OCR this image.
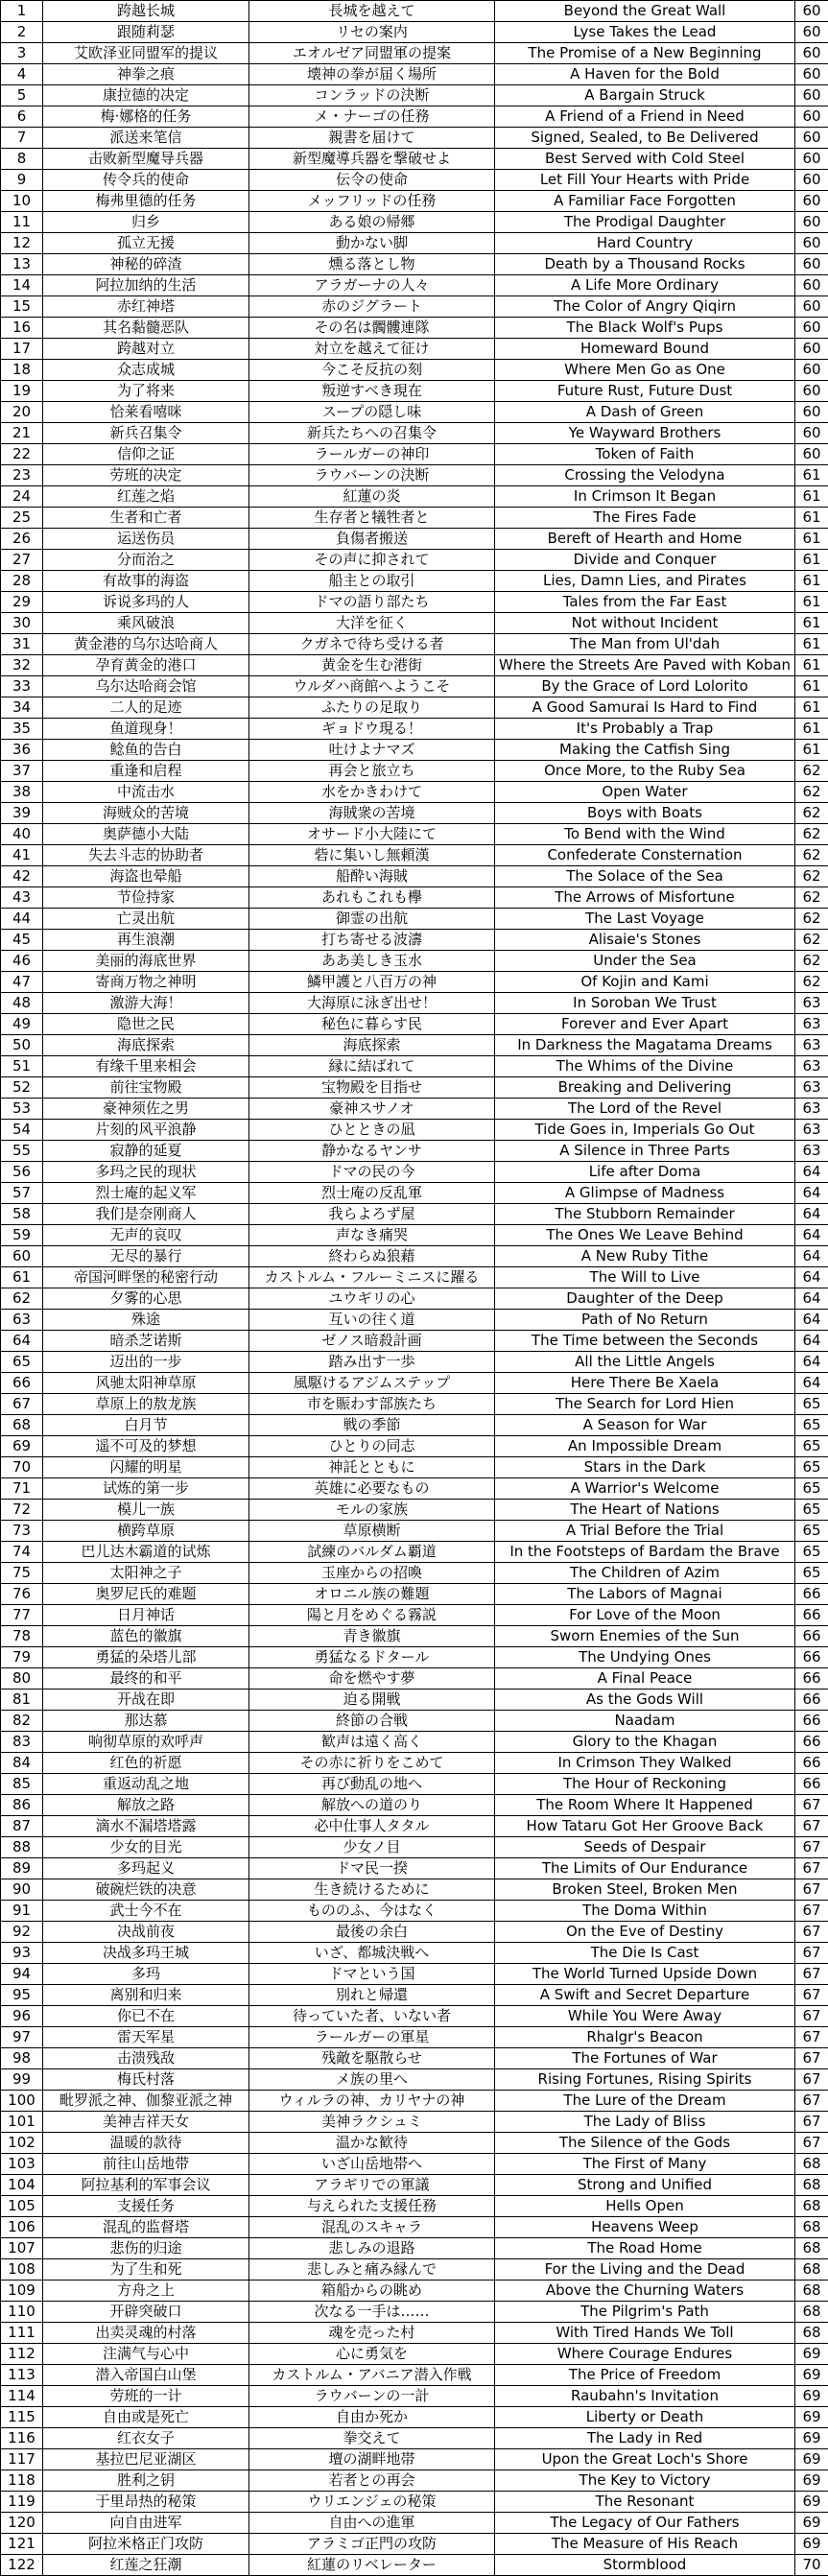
1	跨越长城	長城を越えて	Beyond the Great Wall	60
2	跟随莉瑟	リセの案内	Lyse Takes the Lead	60
3	艾欧泽亚同盟军的提议	エオルゼア同盟軍の提案	The Promise of a New Beginning	60
4	神拳之痕	壊神の拳が届く場所	A Haven for the Bold	60
5	康拉德的决定	コンラッドの決断	A Bargain Struck	60
6	梅·娜格的任务	メ・ナーゴの任務	A Friend of a Friend in Need	60
7	派送来笔信	親書を届けて	Signed, Sealed, to Be Delivered	60
8	击败新型魔导兵器	新型魔導兵器を撃破せよ	Best Served with Cold Steel	60
9	传令兵的使命	伝令の使命	Let Fill Your Hearts with Pride	60
10	梅弗里德的任务	メッフリッドの任務	A Familiar Face Forgotten	60
11	归乡	ある娘の帰郷	The Prodigal Daughter	60
12	孤立无援	動かない脚	Hard Country	60
13	神秘的碎渣	燻る落とし物	Death by a Thousand Rocks	60
14	阿拉加纳的生活	アラガーナの人々	A Life More Ordinary	60
15	赤红神塔	赤のジグラート	The Color of Angry Qiqirn	60
16	其名黏髓恶队	その名は髑髏連隊	The Black Wolf's Pups	60
17	跨越对立	対立を越えて征け	Homeward Bound	60
18	众志成城	今こそ反抗の刻	Where Men Go as One	60
19	为了将来	叛逆すべき現在	Future Rust, Future Dust	60
20	恰莱看嘻咪	スープの隠し味	A Dash of Green	60
21	新兵召集令	新兵たちへの召集令	Ye Wayward Brothers	60
22	信仰之证	ラールガーの神印	Token of Faith	60
23	劳班的决定	ラウバーンの決断	Crossing the Velodyna	61
24	红莲之焰	紅蓮の炎	In Crimson It Began	61
25	生者和亡者	生存者と犠牲者と	The Fires Fade	61
26	运送伤员	負傷者搬送	Bereft of Hearth and Home	61
27	分而治之	その声に抑されて	Divide and Conquer	61
28	有故事的海盗	船主との取引	Lies, Damn Lies, and Pirates	61
29	诉说多玛的人	ドマの語り部たち	Tales from the Far East	61
30	乘风破浪	大洋を征く	Not without Incident	61
31	黄金港的乌尔达哈商人	クガネで待ち受ける者	The Man from Ul'dah	61
32	孕育黄金的港口	黄金を生む港街	Where the Streets Are Paved with Koban	61
33	乌尔达哈商会馆	ウルダハ商館へようこそ	By the Grace of Lord Lolorito	61
34	二人的足迹	ふたりの足取り	A Good Samurai Is Hard to Find	61
35	鱼道现身！	ギョドウ現る！	It's Probably a Trap	61
36	鲶鱼的告白	吐けよナマズ	Making the Catfish Sing	61
37	重逢和启程	再会と旅立ち	Once More, to the Ruby Sea	62
38	中流击水	水をかきわけて	Open Water	62
39	海贼众的苦境	海賊衆の苦境	Boys with Boats	62
40	奥萨德小大陆	オサード小大陸にて	To Bend with the Wind	62
41	失去斗志的协助者	砦に集いし無頼漢	Confederate Consternation	62
42	海盗也晕船	船酔い海賊	The Solace of the Sea	62
43	节俭持家	あれもこれも欅	The Arrows of Misfortune	62
44	亡灵出航	御霊の出航	The Last Voyage	62
45	再生浪潮	打ち寄せる波濤	Alisaie's Stones	62
46	美丽的海底世界	ああ美しき玉水	Under the Sea	62
47	寄商万物之神明	鱗甲護と八百万の神	Of Kojin and Kami	62
48	激游大海！	大海原に泳ぎ出せ！	In Soroban We Trust	63
49	隐世之民	秘色に暮らす民	Forever and Ever Apart	63
50	海底探索	海底探索	In Darkness the Magatama Dreams	63
51	有缘千里来相会	縁に結ばれて	The Whims of the Divine	63
52	前往宝物殿	宝物殿を目指せ	Breaking and Delivering	63
53	豪神须佐之男	豪神スサノオ	The Lord of the Revel	63
54	片刻的风平浪静	ひとときの凪	Tide Goes in, Imperials Go Out	63
55	寂静的延夏	静かなるヤンサ	A Silence in Three Parts	63
56	多玛之民的现状	ドマの民の今	Life after Doma	64
57	烈士庵的起义军	烈士庵の反乱軍	A Glimpse of Madness	64
58	我们是奈刚商人	我らよろず屋	The Stubborn Remainder	64
59	无声的哀叹	声なき痛哭	The Ones We Leave Behind	64
60	无尽的暴行	終わらぬ狼藉	A New Ruby Tithe	64
61	帝国河畔堡的秘密行动	カストルム・フルーミニスに躍る	The Will to Live	64
62	夕雾的心思	ユウギリの心	Daughter of the Deep	64
63	殊途	互いの往く道	Path of No Return	64
64	暗杀芝诺斯	ゼノス暗殺計画	The Time between the Seconds	64
65	迈出的一步	踏み出す一歩	All the Little Angels	64
66	风驰太阳神草原	風駆けるアジムステップ	Here There Be Xaela	64
67	草原上的敖龙族	市を賑わす部族たち	The Search for Lord Hien	65
68	白月节	戦の季節	A Season for War	65
69	遥不可及的梦想	ひとりの同志	An Impossible Dream	65
70	闪耀的明星	神託とともに	Stars in the Dark	65
71	试炼的第一步	英雄に必要なもの	A Warrior's Welcome	65
72	模儿一族	モルの家族	The Heart of Nations	65
73	横跨草原	草原横断	A Trial Before the Trial	65
74	巴儿达木霸道的试炼	試練のバルダム覇道	In the Footsteps of Bardam the Brave	65
75	太阳神之子	玉座からの招喚	The Children of Azim	65
76	奥罗尼氏的难题	オロニル族の難題	The Labors of Magnai	66
77	日月神话	陽と月をめぐる霧説	For Love of the Moon	66
78	蓝色的徽旗	青き徽旗	Sworn Enemies of the Sun	66
79	勇猛的朵塔儿部	勇猛なるドタール	The Undying Ones	66
80	最终的和平	命を燃やす夢	A Final Peace	66
81	开战在即	迫る開戦	As the Gods Will	66
82	那达慕	終節の合戦	Naadam	66
83	响彻草原的欢呼声	歓声は遠く高く	Glory to the Khagan	66
84	红色的祈愿	その赤に祈りをこめて	In Crimson They Walked	66
85	重返动乱之地	再び動乱の地へ	The Hour of Reckoning	66
86	解放之路	解放への道のり	The Room Where It Happened	67
87	滴水不漏塔塔露	必中仕事人タタル	How Tataru Got Her Groove Back	67
88	少女的目光	少女ノ目	Seeds of Despair	67
89	多玛起义	ドマ民一揆	The Limits of Our Endurance	67
90	破碗烂铁的决意	生き続けるために	Broken Steel, Broken Men	67
91	武士今不在	もののふ、今はなく	The Doma Within	67
92	决战前夜	最後の余白	On the Eve of Destiny	67
93	决战多玛王城	いざ、都城決戦へ	The Die Is Cast	67
94	多玛	ドマという国	The World Turned Upside Down	67
95	离别和归来	別れと帰還	A Swift and Secret Departure	67
96	你已不在	待っていた者、いない者	While You Were Away	67
97	雷天军星	ラールガーの軍星	Rhalgr's Beacon	67
98	击溃残敌	残敵を駆散らせ	The Fortunes of War	67
99	梅氏村落	メ族の里へ	Rising Fortunes, Rising Spirits	67
100	毗罗派之神、伽黎亚派之神	ウィルラの神、カリヤナの神	The Lure of the Dream	67
101	美神吉祥天女	美神ラクシュミ	The Lady of Bliss	67
102	温暖的款待	温かな歓待	The Silence of the Gods	67
103	前往山岳地带	いざ山岳地帯へ	The First of Many	68
104	阿拉基利的军事会议	アラギリでの軍議	Strong and Unified	68
105	支援任务	与えられた支援任務	Hells Open	68
106	混乱的监督塔	混乱のスキャラ	Heavens Weep	68
107	悲伤的归途	悲しみの退路	The Road Home	68
108	为了生和死	悲しみと痛み縁んで	For the Living and the Dead	68
109	方舟之上	箱船からの眺め	Above the Churning Waters	68
110	开辟突破口	次なる一手は……	The Pilgrim's Path	68
111	出卖灵魂的村落	魂を売った村	With Tired Hands We Toll	68
112	注满气与心中	心に勇気を	Where Courage Endures	69
113	潜入帝国白山堡	カストルム・アバニア潜入作戦	The Price of Freedom	69
114	劳班的一计	ラウバーンの一計	Raubahn's Invitation	69
115	自由或是死亡	自由か死か	Liberty or Death	69
116	红衣女子	拳交えて	The Lady in Red	69
117	基拉巴尼亚湖区	壇の湖畔地帯	Upon the Great Loch's Shore	69
118	胜利之钥	若者との再会	The Key to Victory	69
119	于里昂热的秘策	ウリエンジェの秘策	The Resonant	69
120	向自由进军	自由への進軍	The Legacy of Our Fathers	69
121	阿拉米格正门攻防	アラミゴ正門の攻防	The Measure of His Reach	69
122	红莲之狂潮	紅蓮のリベレーター	Stormblood	70
